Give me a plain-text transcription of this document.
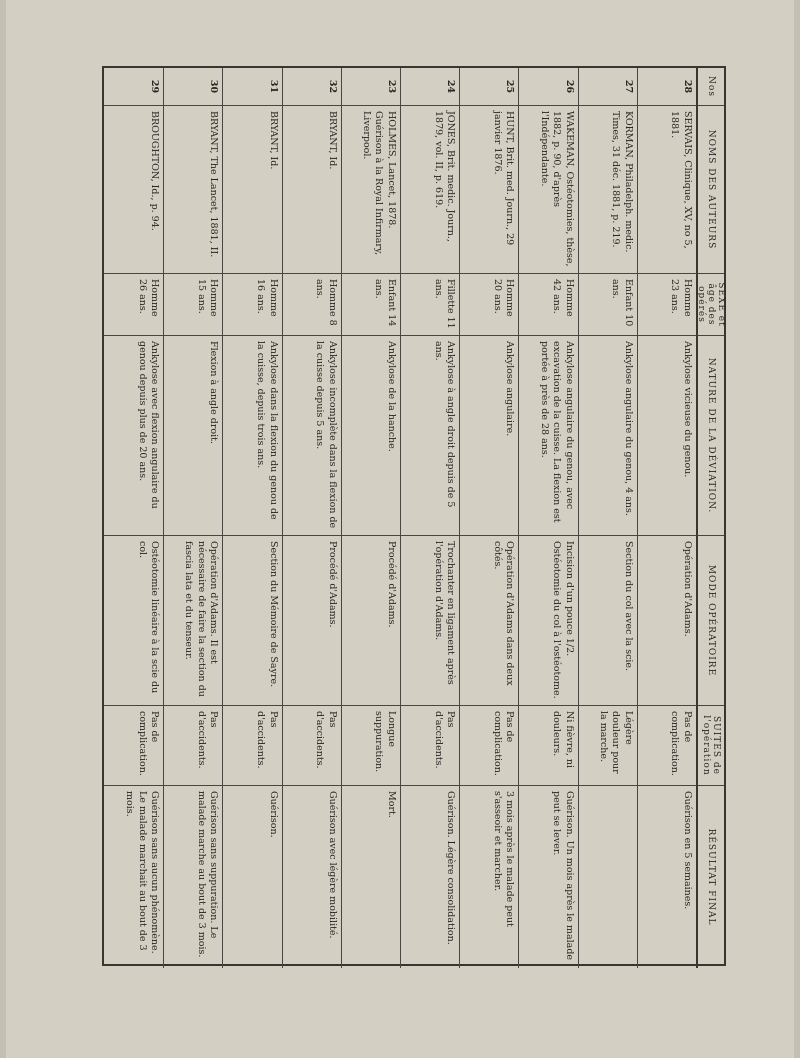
Nos
NOMS DES AUTEURS
SEXE et âge des opérés
NATURE DE LA DÉVIATION.
MODE OPÉRATOIRE
SUITES de l'opération
RÉSULTAT FINAL
28
SERVAIS, Clinique, XV, no 5, 1881.
Homme 23 ans.
Ankylose vicieuse du genou.
Opération d'Adams.
Pas de complication.
Guérison en 5 semaines.
27
KORMAN, Philadelph. medic. Times, 31 déc. 1881, p. 219.
Enfant 10 ans.
Ankylose angulaire du genou, 4 ans.
Section du col avec la scie.
Légère douleur pour la marche.
26
WAKEMAN, Ostéotomies, thèse, 1882, p. 90, d'après l'Indépendante.
Homme 42 ans.
Ankylose angulaire du genou, avec excavation de la cuisse. La flexion est portée à près de 28 ans.
Incision d'un pouce 1/2. Ostéotomie du col à l'ostéotome.
Ni fièvre, ni douleurs.
Guérison. Un mois après le malade peut se lever.
25
HUNT, Brit. med. Journ., 29 janvier 1876.
Homme 20 ans.
Ankylose angulaire.
Opération d'Adams dans deux côtés.
Pas de complication.
3 mois après le malade peut s'asseoir et marcher.
24
JONES, Brit. medic. Journ., 1879, vol. II, p. 619.
Fillette 11 ans.
Ankylose à angle droit depuis de 5 ans.
Trochanter en ligament après l'opération d'Adams.
Pas d'accidents.
Guérison. Légère consolidation.
23
HOLMES, Lancet, 1878. Guérison à la Royal Infirmary, Liverpool.
Enfant 14 ans.
Ankylose de la hanche.
Procédé d'Adams.
Longue suppuration.
Mort.
32
BRYANT, Id.
Homme 8 ans.
Ankylose incomplète dans la flexion de la cuisse depuis 5 ans.
Procédé d'Adams.
Pas d'accidents.
Guérison avec légère mobilité.
31
BRYANT, Id.
Homme 16 ans.
Ankylose dans la flexion du genou de la cuisse, depuis trois ans.
Section du Mémoire de Sayre.
Pas d'accidents.
Guérison.
30
BRYANT, The Lancet, 1881, II.
Homme 15 ans.
Flexion à angle droit.
Opération d'Adams. Il est nécessaire de faire la section du fascia lata et du tenseur.
Pas d'accidents.
Guérison sans suppuration. Le malade marche au bout de 3 mois.
29
BROUGHTON, Id., p. 94.
Homme 26 ans.
Ankylose avec flexion angulaire du genou depuis plus de 20 ans.
Ostéotomie linéaire à la scie du col.
Pas de complication.
Guérison sans aucun phénomène. Le malade marchait au bout de 3 mois.
